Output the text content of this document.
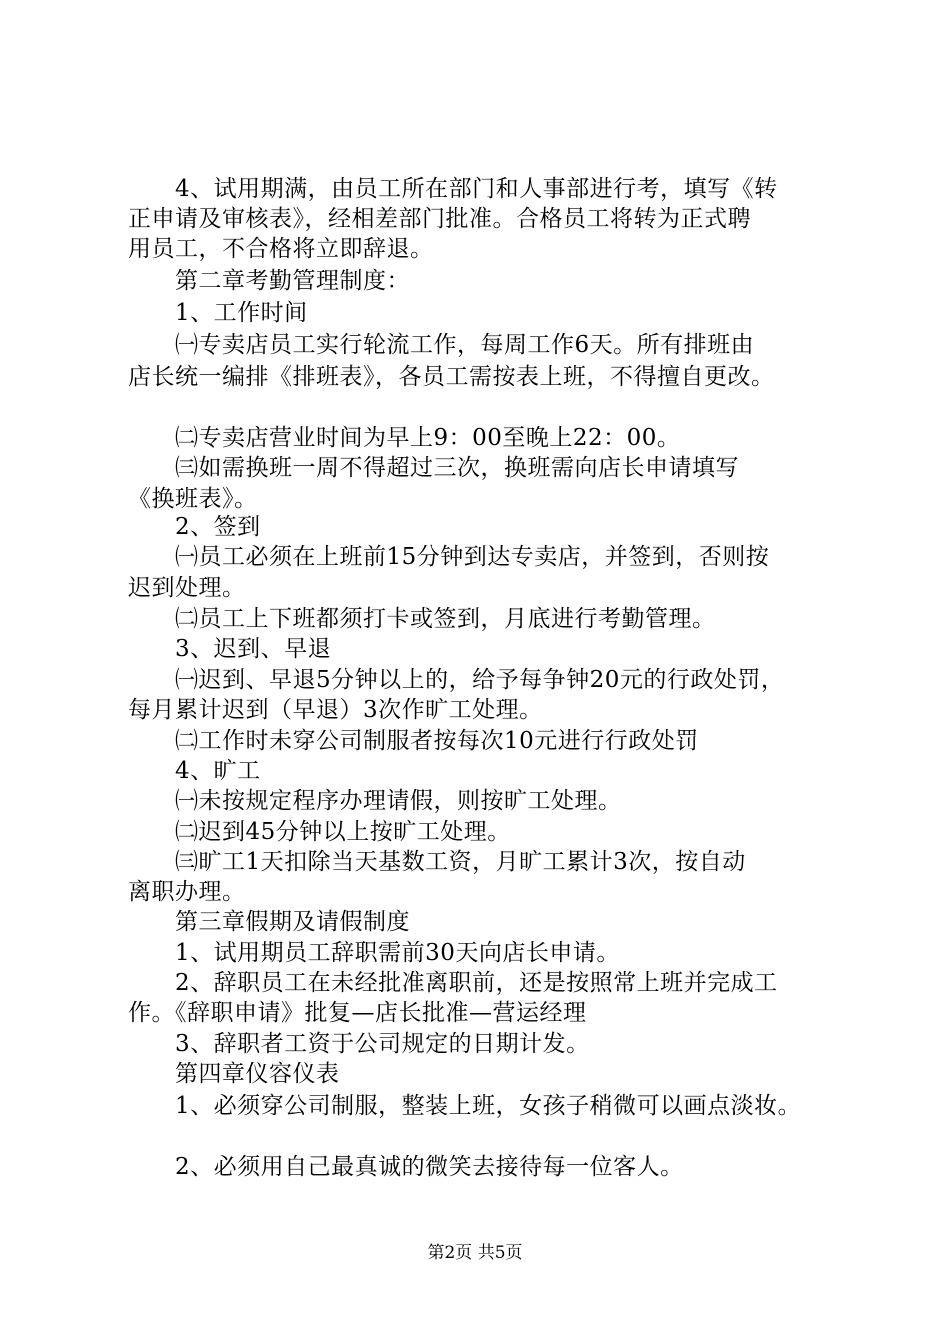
4、试用期满，由员工所在部门和人事部进行考，填写《转
正申请及审核表》，经相差部门批准。合格员工将转为正式聘
用员工，不合格将立即辞退。
第二章考勤管理制度：
1、工作时间
㈠专卖店员工实行轮流工作，每周工作6天。所有排班由
店长统一编排《排班表》，各员工需按表上班，不得擅自更改。
㈡专卖店营业时间为早上9：00至晚上22：00。
㈢如需换班一周不得超过三次，换班需向店长申请填写
《换班表》。
2、签到
㈠员工必须在上班前15分钟到达专卖店，并签到，否则按
迟到处理。
㈡员工上下班都须打卡或签到，月底进行考勤管理。
3、迟到、早退
㈠迟到、早退5分钟以上的，给予每争钟20元的行政处罚，
每月累计迟到（早退）3次作旷工处理。
㈡工作时未穿公司制服者按每次10元进行行政处罚
4、旷工
㈠未按规定程序办理请假，则按旷工处理。
㈡迟到45分钟以上按旷工处理。
㈢旷工1天扣除当天基数工资，月旷工累计3次，按自动
离职办理。
第三章假期及请假制度
1、试用期员工辞职需前30天向店长申请。
2、辞职员工在未经批准离职前，还是按照常上班并完成工
作。《辞职申请》批复—店长批准—营运经理
3、辞职者工资于公司规定的日期计发。
第四章仪容仪表
1、必须穿公司制服，整装上班，女孩子稍微可以画点淡妆。
2、必须用自己最真诚的微笑去接待每一位客人。
第2页 共5页
